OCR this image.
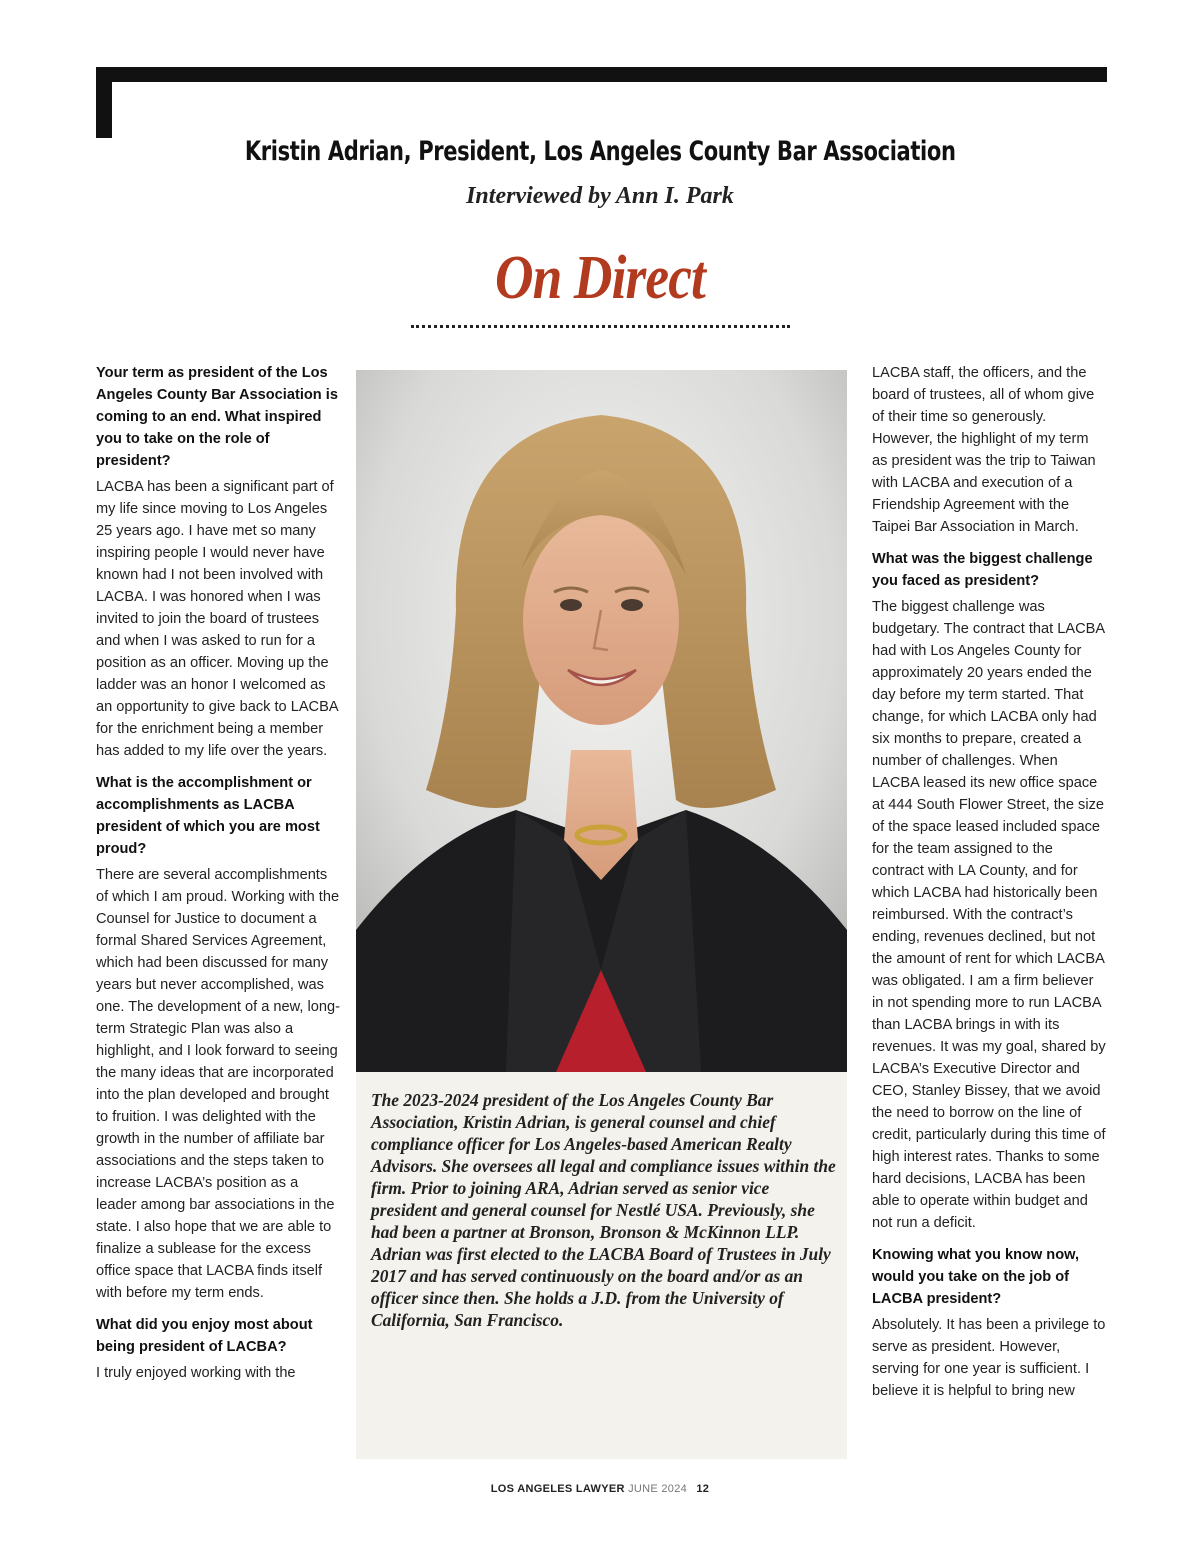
Kristin Adrian, President, Los Angeles County Bar Association
Interviewed by Ann I. Park
On Direct

Your term as president of the Los Angeles County Bar Association is coming to an end. What inspired you to take on the role of president?

LACBA has been a significant part of my life since moving to Los Angeles 25 years ago. I have met so many inspiring people I would never have known had I not been involved with LACBA. I was honored when I was invited to join the board of trustees and when I was asked to run for a position as an officer. Moving up the ladder was an honor I welcomed as an opportunity to give back to LACBA for the enrichment being a member has added to my life over the years.

What is the accomplishment or accomplishments as LACBA president of which you are most proud?

There are several accomplishments of which I am proud. Working with the Counsel for Justice to document a formal Shared Services Agreement, which had been discussed for many years but never accomplished, was one. The development of a new, long-term Strategic Plan was also a highlight, and I look forward to seeing the many ideas that are incorporated into the plan developed and brought to fruition. I was delighted with the growth in the number of affiliate bar associations and the steps taken to increase LACBA’s position as a leader among bar associations in the state. I also hope that we are able to finalize a sublease for the excess office space that LACBA finds itself with before my term ends.

What did you enjoy most about being president of LACBA?

I truly enjoyed working with the

The 2023-2024 president of the Los Angeles County Bar Association, Kristin Adrian, is general counsel and chief compliance officer for Los Angeles-based American Realty Advisors. She oversees all legal and compliance issues within the firm. Prior to joining ARA, Adrian served as senior vice president and general counsel for Nestlé USA. Previously, she had been a partner at Bronson, Bronson & McKinnon LLP. Adrian was first elected to the LACBA Board of Trustees in July 2017 and has served continuously on the board and/or as an officer since then. She holds a J.D. from the University of California, San Francisco.

LACBA staff, the officers, and the board of trustees, all of whom give of their time so generously. However, the highlight of my term as president was the trip to Taiwan with LACBA and execution of a Friendship Agreement with the Taipei Bar Association in March.

What was the biggest challenge you faced as president?

The biggest challenge was budgetary. The contract that LACBA had with Los Angeles County for approximately 20 years ended the day before my term started. That change, for which LACBA only had six months to prepare, created a number of challenges. When LACBA leased its new office space at 444 South Flower Street, the size of the space leased included space for the team assigned to the contract with LA County, and for which LACBA had historically been reimbursed. With the contract’s ending, revenues declined, but not the amount of rent for which LACBA was obligated. I am a firm believer in not spending more to run LACBA than LACBA brings in with its revenues. It was my goal, shared by LACBA’s Executive Director and CEO, Stanley Bissey, that we avoid the need to borrow on the line of credit, particularly during this time of high interest rates. Thanks to some hard decisions, LACBA has been able to operate within budget and not run a deficit.

Knowing what you know now, would you take on the job of LACBA president?

Absolutely. It has been a privilege to serve as president. However, serving for one year is sufficient. I believe it is helpful to bring new

LOS ANGELES LAWYER JUNE 2024 12
